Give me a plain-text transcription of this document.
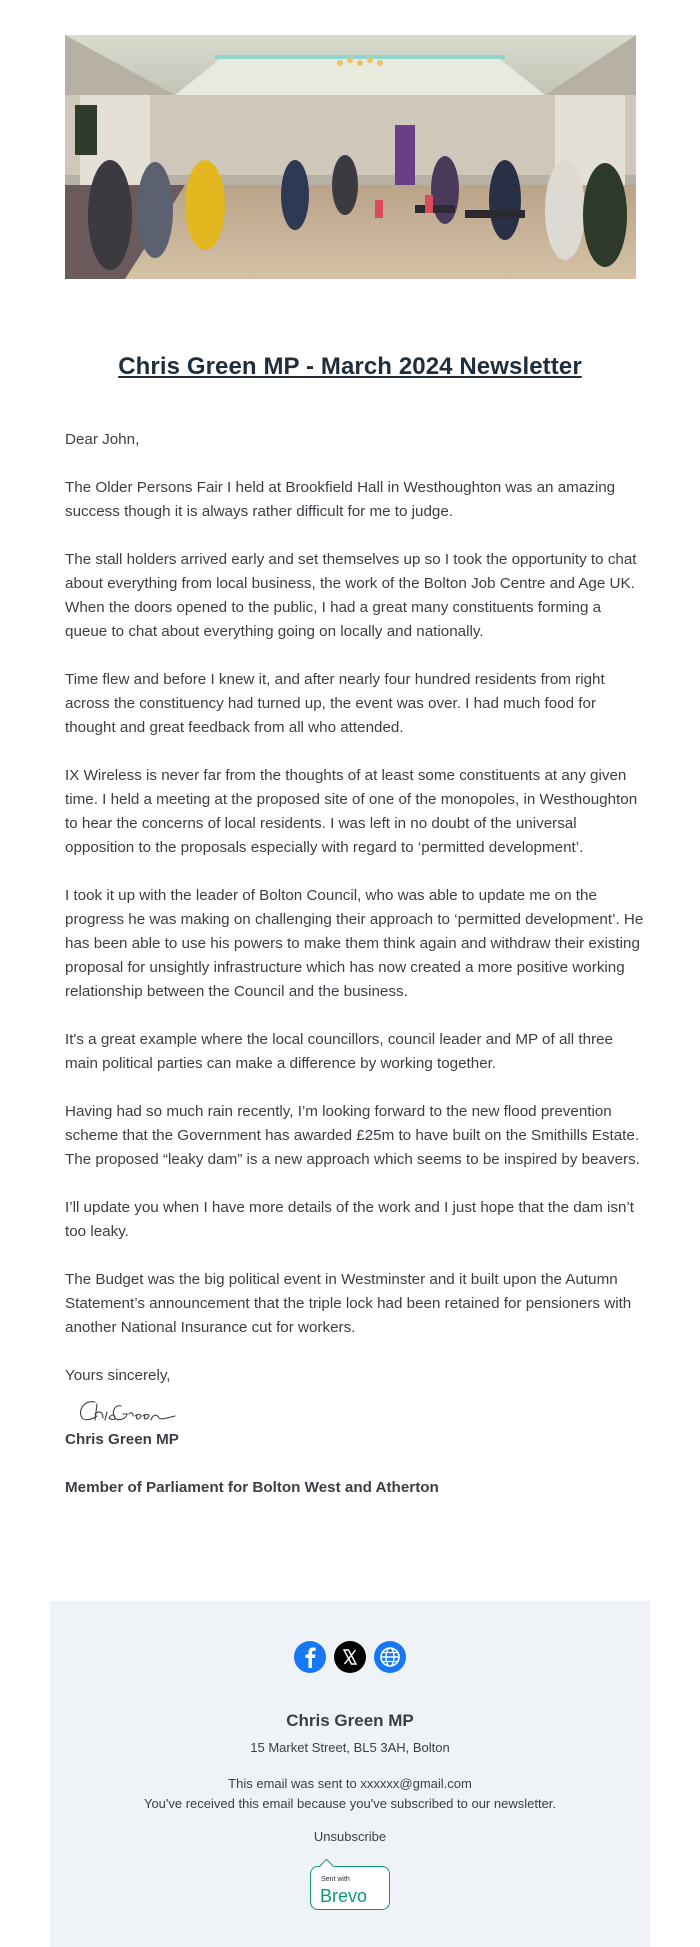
Chris Green MP - March 2024 Newsletter

Dear John,

The Older Persons Fair I held at Brookfield Hall in Westhoughton was an amazing success though it is always rather difficult for me to judge.

The stall holders arrived early and set themselves up so I took the opportunity to chat about everything from local business, the work of the Bolton Job Centre and Age UK. When the doors opened to the public, I had a great many constituents forming a queue to chat about everything going on locally and nationally.

Time flew and before I knew it, and after nearly four hundred residents from right across the constituency had turned up, the event was over. I had much food for thought and great feedback from all who attended.

IX Wireless is never far from the thoughts of at least some constituents at any given time. I held a meeting at the proposed site of one of the monopoles, in Westhoughton to hear the concerns of local residents. I was left in no doubt of the universal opposition to the proposals especially with regard to ‘permitted development’.

I took it up with the leader of Bolton Council, who was able to update me on the progress he was making on challenging their approach to ‘permitted development’. He has been able to use his powers to make them think again and withdraw their existing proposal for unsightly infrastructure which has now created a more positive working relationship between the Council and the business.

It's a great example where the local councillors, council leader and MP of all three main political parties can make a difference by working together.

Having had so much rain recently, I’m looking forward to the new flood prevention scheme that the Government has awarded £25m to have built on the Smithills Estate. The proposed “leaky dam” is a new approach which seems to be inspired by beavers.

I’ll update you when I have more details of the work and I just hope that the dam isn’t too leaky.

The Budget was the big political event in Westminster and it built upon the Autumn Statement’s announcement that the triple lock had been retained for pensioners with another National Insurance cut for workers.

Yours sincerely,

Chris Green MP

Member of Parliament for Bolton West and Atherton

Chris Green MP
15 Market Street, BL5 3AH, Bolton
This email was sent to xxxxxx@gmail.com
You've received this email because you've subscribed to our newsletter.
Unsubscribe
Sent with
Brevo
